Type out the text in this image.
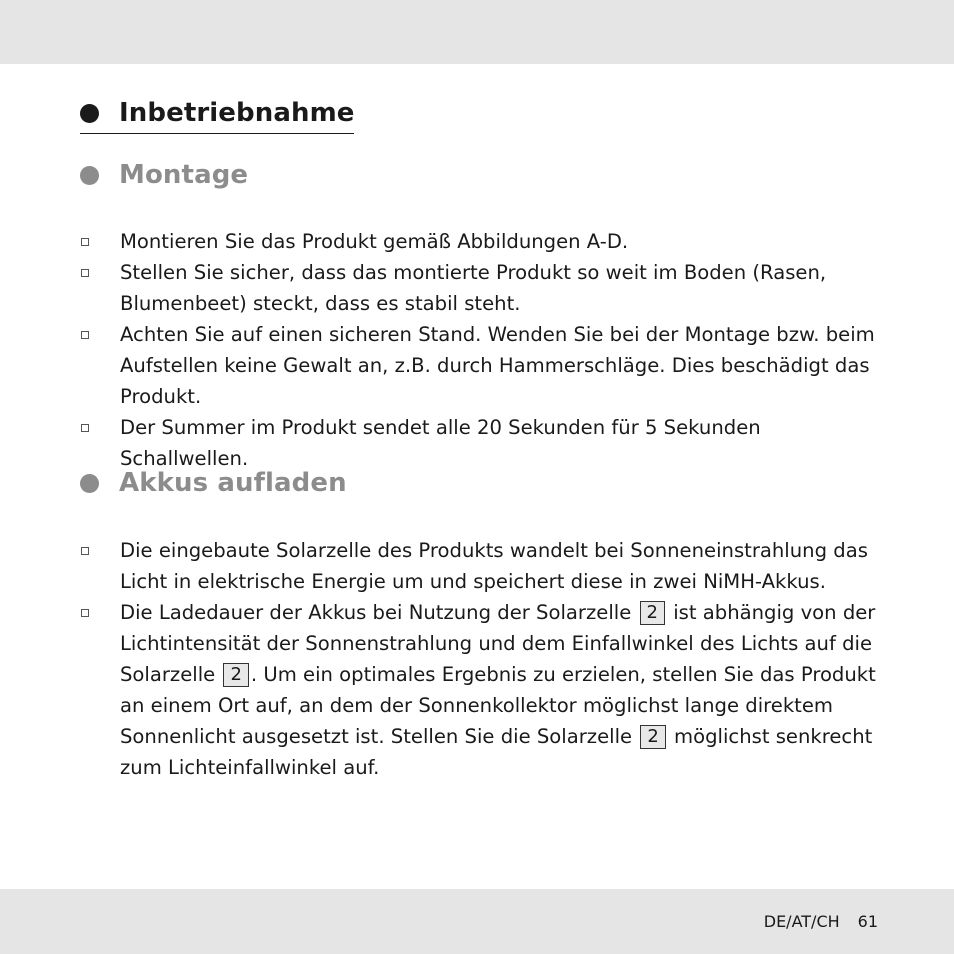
Inbetriebnahme
Montage
Montieren Sie das Produkt gemäß Abbildungen A-D.
Stellen Sie sicher, dass das montierte Produkt so weit im Boden (Rasen, Blumenbeet) steckt, dass es stabil steht.
Achten Sie auf einen sicheren Stand. Wenden Sie bei der Montage bzw. beim Aufstellen keine Gewalt an, z.B. durch Hammerschläge. Dies beschädigt das Produkt.
Der Summer im Produkt sendet alle 20 Sekunden für 5 Sekunden Schallwellen.
Akkus aufladen
Die eingebaute Solarzelle des Produkts wandelt bei Sonneneinstrahlung das Licht in elektrische Energie um und speichert diese in zwei NiMH-Akkus.
Die Ladedauer der Akkus bei Nutzung der Solarzelle 2 ist abhängig von der Lichtintensität der Sonnenstrahlung und dem Einfallwinkel des Lichts auf die Solarzelle 2 . Um ein optimales Ergebnis zu erzielen, stellen Sie das Produkt an einem Ort auf, an dem der Sonnenkollektor möglichst lange direktem Sonnenlicht ausgesetzt ist. Stellen Sie die Solarzelle 2 möglichst senkrecht zum Lichteinfallwinkel auf.
DE/AT/CH 61
